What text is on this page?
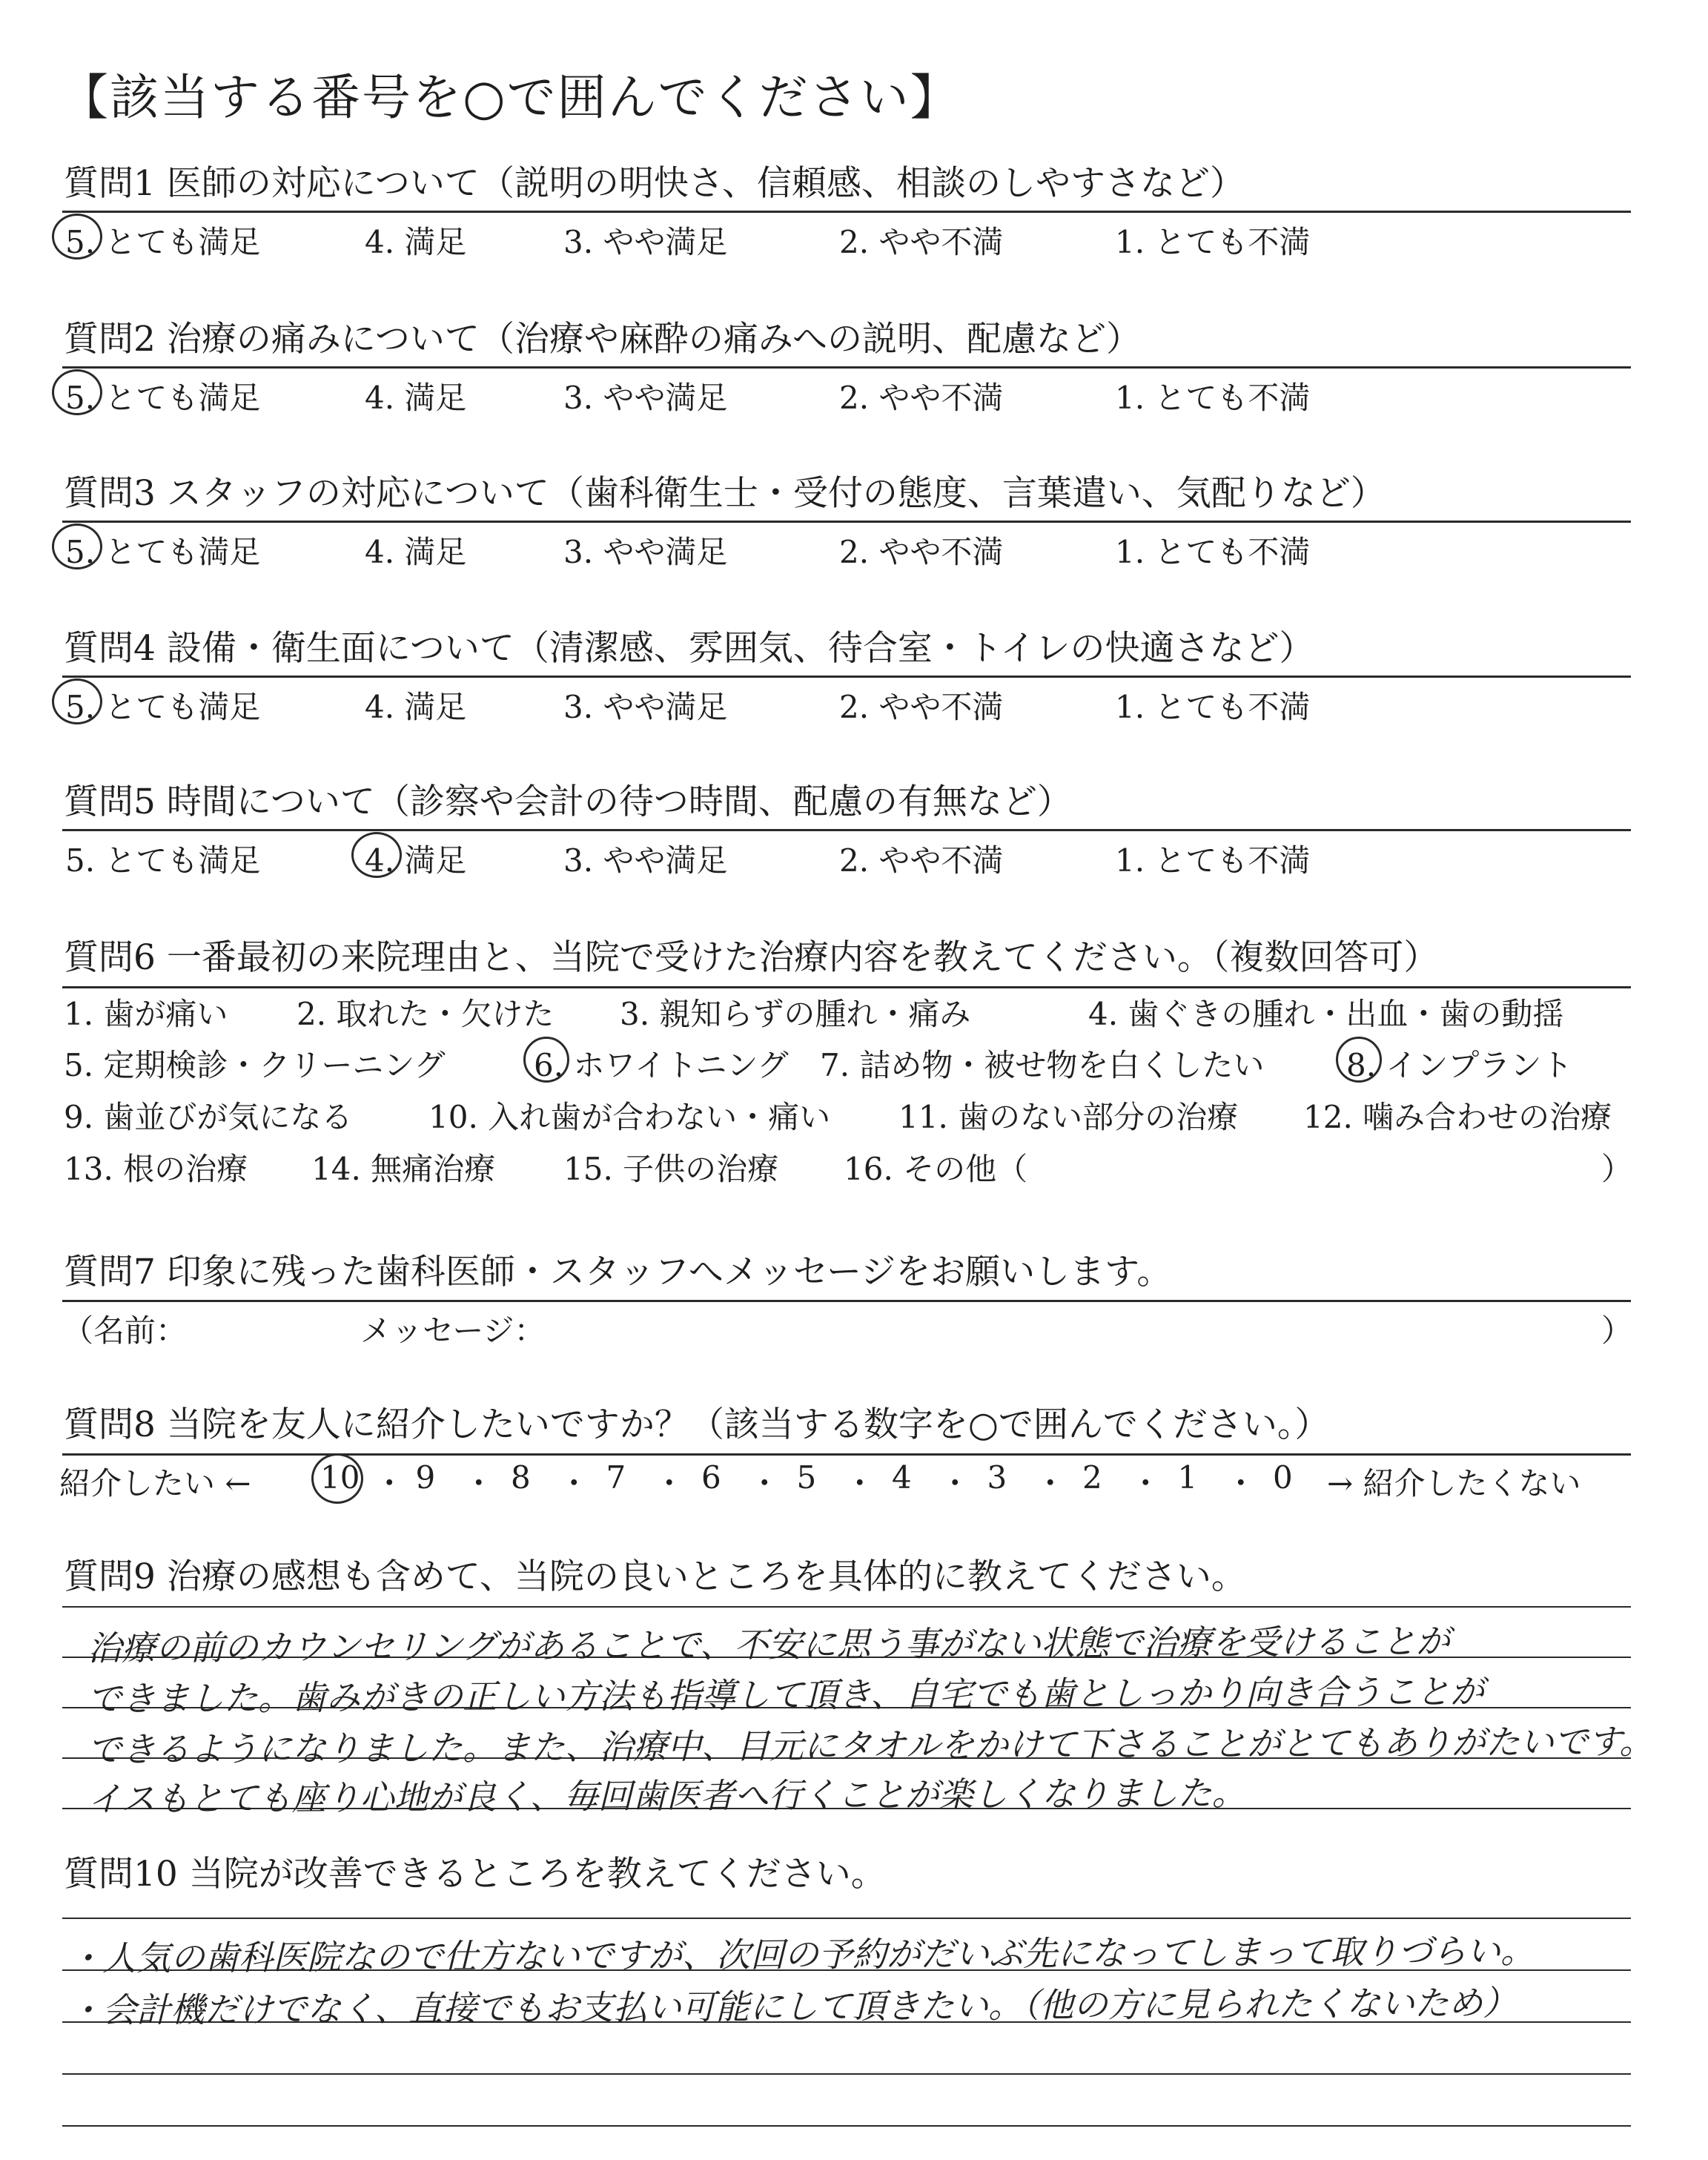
【該当する番号を○で囲んでください】
質問1 医師の対応について（説明の明快さ、信頼感、相談のしやすさなど）
5. とても満足	4. 満足	3. やや満足	2. やや不満	1. とても不満
質問2 治療の痛みについて（治療や麻酔の痛みへの説明、配慮など）
5. とても満足	4. 満足	3. やや満足	2. やや不満	1. とても不満
質問3 スタッフの対応について（歯科衛生士・受付の態度、言葉遣い、気配りなど）
5. とても満足	4. 満足	3. やや満足	2. やや不満	1. とても不満
質問4 設備・衛生面について（清潔感、雰囲気、待合室・トイレの快適さなど）
5. とても満足	4. 満足	3. やや満足	2. やや不満	1. とても不満
質問5 時間について（診察や会計の待つ時間、配慮の有無など）
5. とても満足	4. 満足	3. やや満足	2. やや不満	1. とても不満
質問6 一番最初の来院理由と、当院で受けた治療内容を教えてください。（複数回答可）
1. 歯が痛い 2. 取れた・欠けた 3. 親知らずの腫れ・痛み	4. 歯ぐきの腫れ・出血・歯の動揺
5. 定期検診・クリーニング	6. ホワイトニング 7. 詰め物・被せ物を白くしたい	8. インプラント
9. 歯並びが気になる 10. 入れ歯が合わない・痛い 11. 歯のない部分の治療 12. 噛み合わせの治療
13. 根の治療 14. 無痛治療 15. 子供の治療 16. その他（	）
質問7 印象に残った歯科医師・スタッフへメッセージをお願いします。
（名前：	メッセージ：	）
質問8 当院を友人に紹介したいですか？（該当する数字を○で囲んでください。）
紹介したい ← 10 ・ 9 ・ 8 ・ 7 ・ 6 ・ 5 ・ 4 ・ 3 ・ 2 ・ 1 ・ 0 → 紹介したくない
質問9 治療の感想も含めて、当院の良いところを具体的に教えてください。
治療の前のカウンセリングがあることで、不安に思う事がない状態で治療を受けることが
できました。歯みがきの正しい方法も指導して頂き、自宅でも歯としっかり向き合うことが
できるようになりました。また、治療中、目元にタオルをかけて下さることがとてもありがたいです。
イスもとても座り心地が良く、毎回歯医者へ行くことが楽しくなりました。
質問10 当院が改善できるところを教えてください。
・人気の歯科医院なので仕方ないですが、次回の予約がだいぶ先になってしまって取りづらい。
・会計機だけでなく、直接でもお支払い可能にして頂きたい。（他の方に見られたくないため）
